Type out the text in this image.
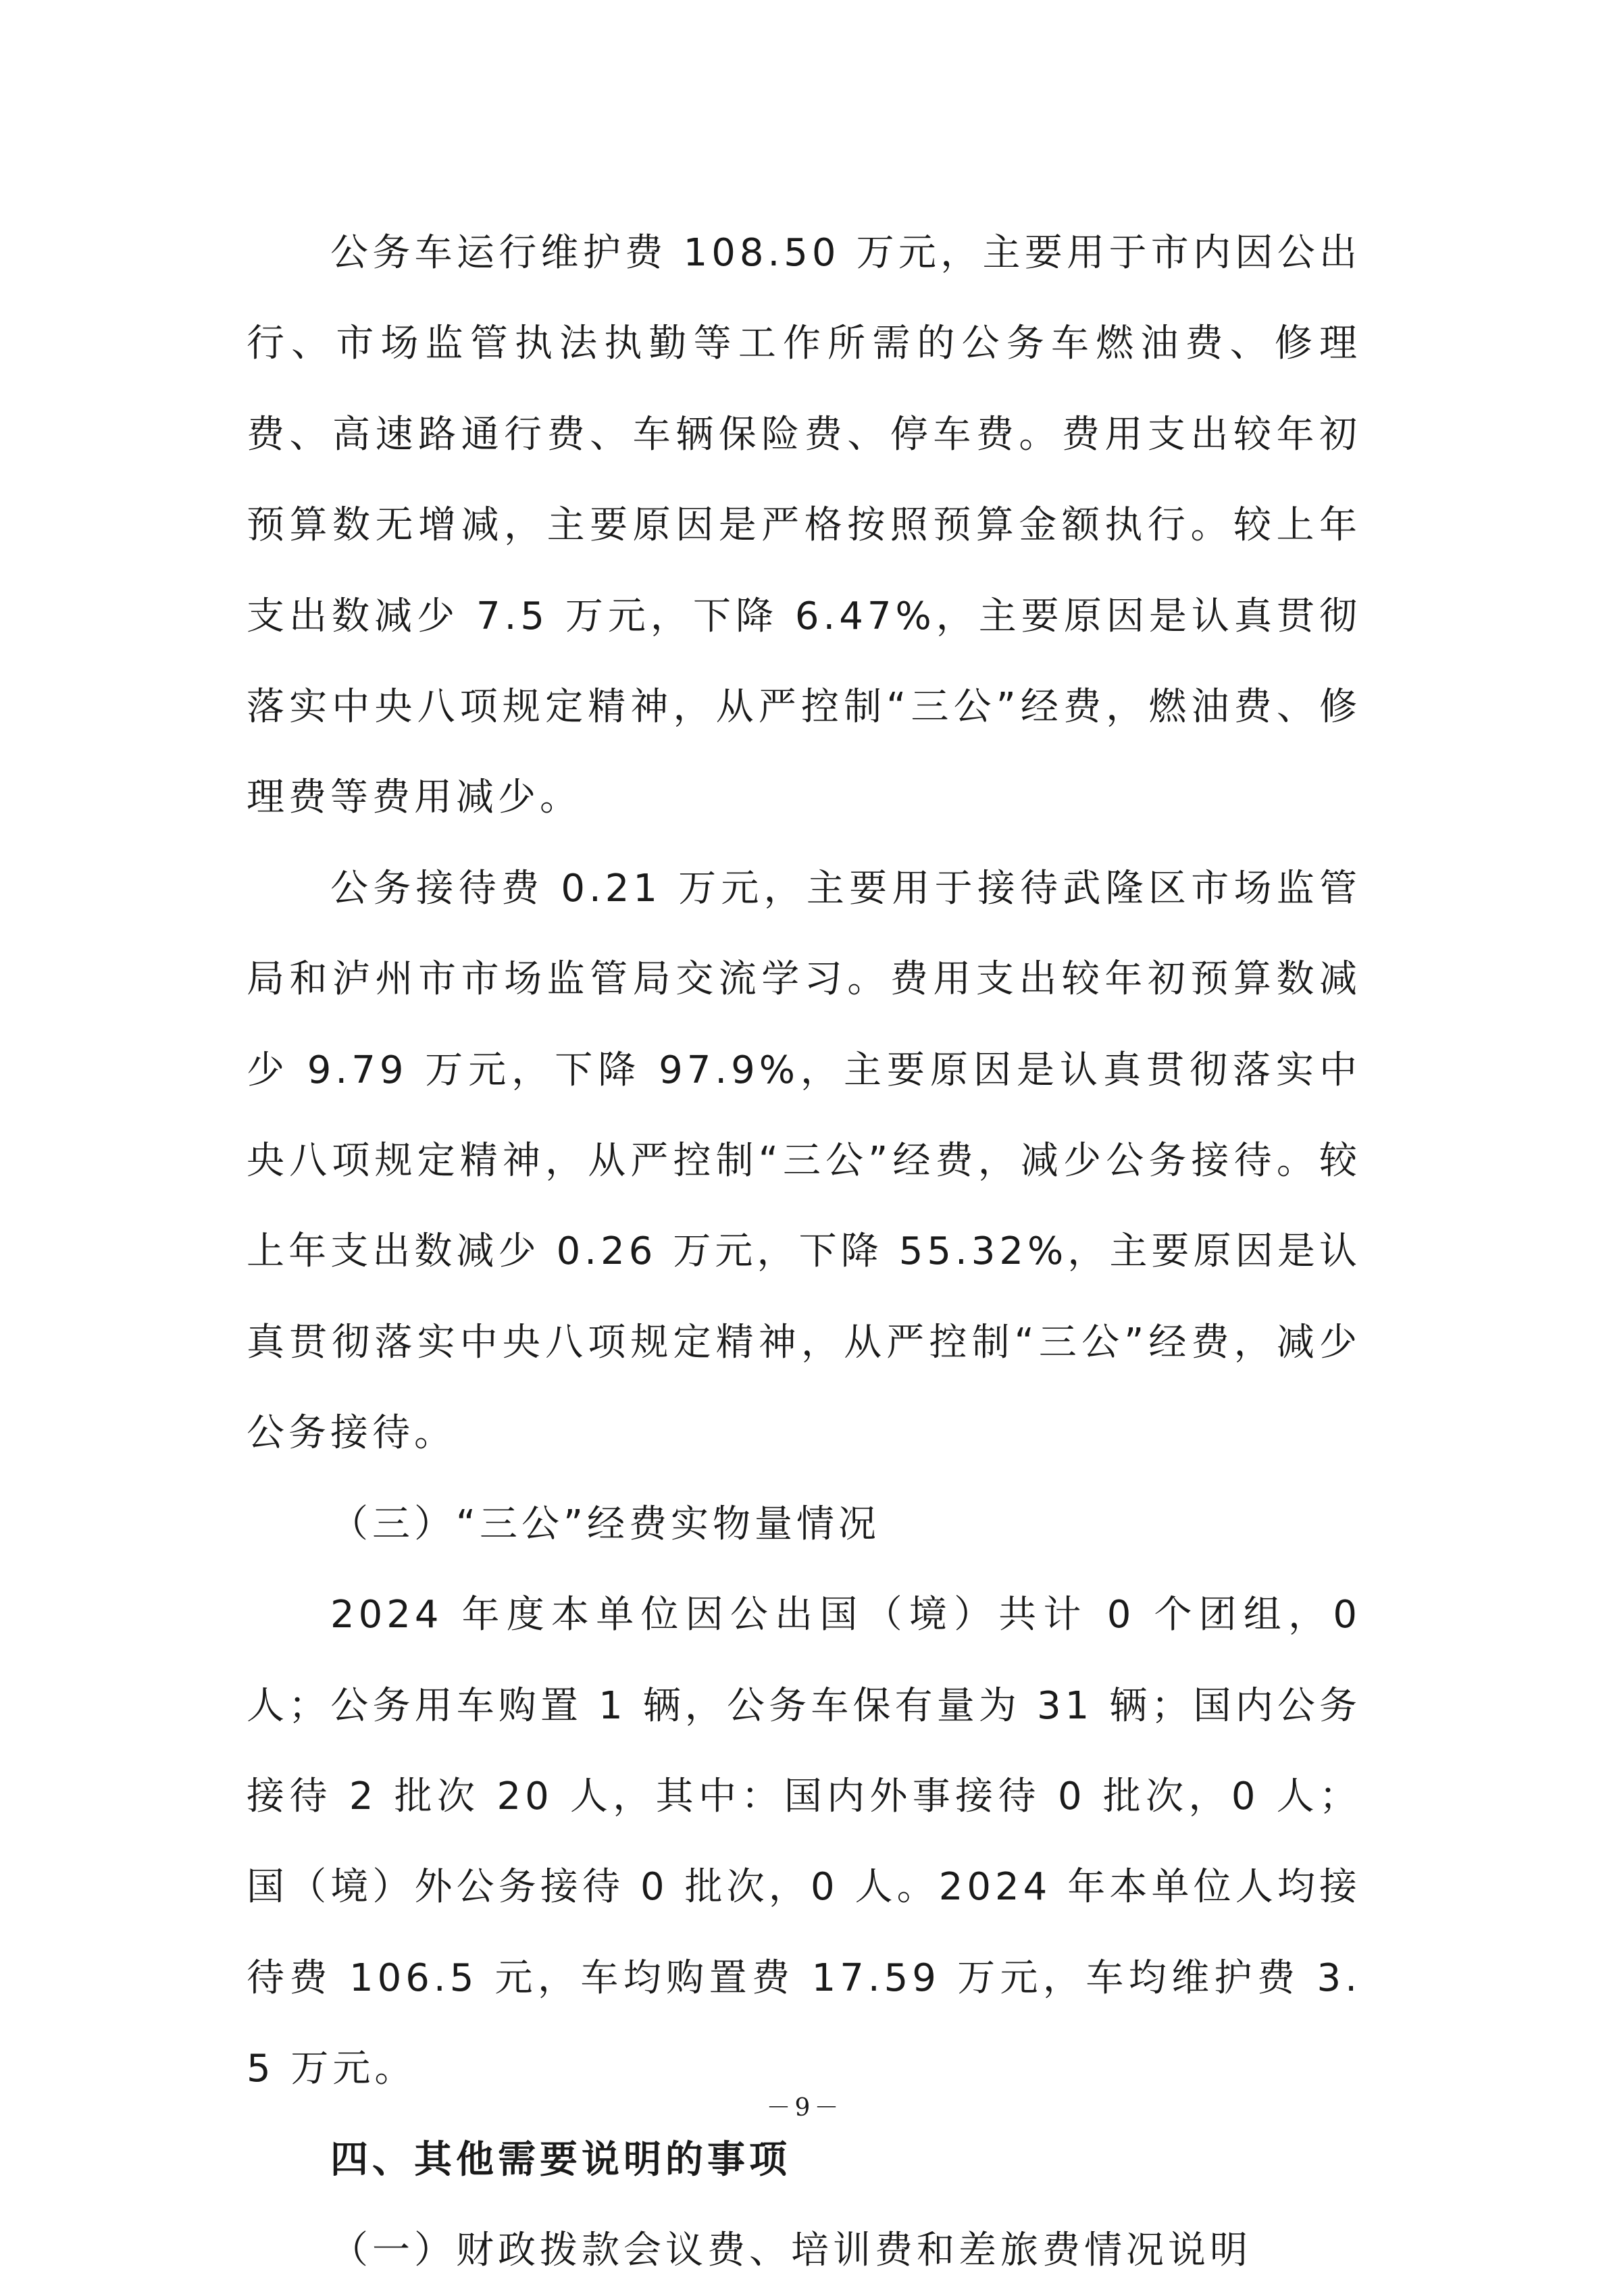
公务车运行维护费 108.50 万元，主要用于市内因公出行、市场监管执法执勤等工作所需的公务车燃油费、修理费、高速路通行费、车辆保险费、停车费。费用支出较年初预算数无增减，主要原因是严格按照预算金额执行。较上年支出数减少 7.5 万元，下降 6.47%，主要原因是认真贯彻落实中央八项规定精神，从严控制“三公”经费，燃油费、修理费等费用减少。

公务接待费 0.21 万元，主要用于接待武隆区市场监管局和泸州市市场监管局交流学习。费用支出较年初预算数减少 9.79 万元，下降 97.9%，主要原因是认真贯彻落实中央八项规定精神，从严控制“三公”经费，减少公务接待。较上年支出数减少 0.26 万元，下降 55.32%，主要原因是认真贯彻落实中央八项规定精神，从严控制“三公”经费，减少公务接待。

（三）“三公”经费实物量情况

2024 年度本单位因公出国（境）共计 0 个团组，0 人；公务用车购置 1 辆，公务车保有量为 31 辆；国内公务接待 2 批次 20 人，其中：国内外事接待 0 批次，0 人；国（境）外公务接待 0 批次，0 人。2024 年本单位人均接待费 106.5 元，车均购置费 17.59 万元，车均维护费 3.5 万元。

四、其他需要说明的事项

（一）财政拨款会议费、培训费和差旅费情况说明

－9－
